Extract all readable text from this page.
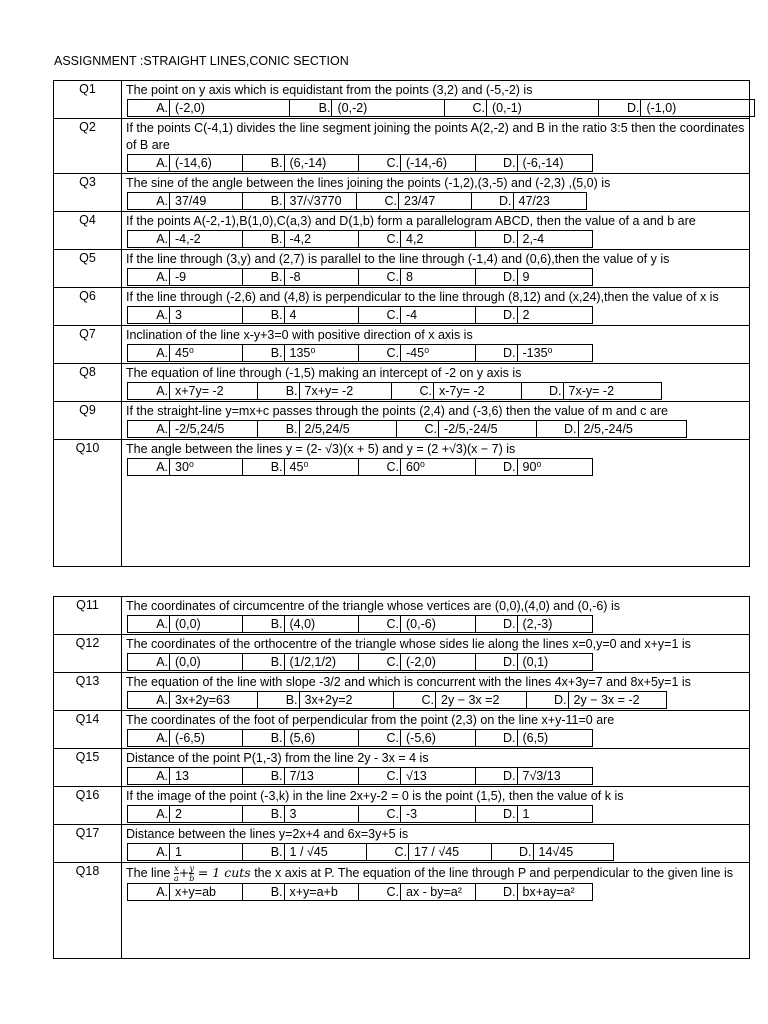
ASSIGNMENT :STRAIGHT LINES,CONIC SECTION
Q1	The point on y axis which is equidistant from the points (3,2) and (-5,-2) is
A. (-2,0)	B. (0,-2)	C. (0,-1)	D. (-1,0)
Q2	If the points C(-4,1) divides the line segment joining the points A(2,-2) and B in the ratio 3:5 then the coordinates of B are
A. (-14,6)	B. (6,-14)	C. (-14,-6)	D. (-6,-14)
Q3	The sine of the angle between the lines joining the points (-1,2),(3,-5) and (-2,3) ,(5,0) is
A. 37/49	B. 37/√3770	C. 23/47	D. 47/23
Q4	If the points A(-2,-1),B(1,0),C(a,3) and D(1,b) form a parallelogram ABCD, then the value of a and b are
A. -4,-2	B. -4,2	C. 4,2	D. 2,-4
Q5	If the line through (3,y) and (2,7) is parallel to the line through (-1,4) and (0,6),then the value of y is
A. -9	B. -8	C. 8	D. 9
Q6	If the line through (-2,6) and (4,8) is perpendicular to the line through (8,12) and (x,24),then the value of x is
A. 3	B. 4	C. -4	D. 2
Q7	Inclination of the line x-y+3=0 with positive direction of x axis is
A. 45⁰	B. 135⁰	C. -45⁰	D. -135⁰
Q8	The equation of line through (-1,5) making an intercept of -2 on y axis is
A. x+7y= -2	B. 7x+y= -2	C. x-7y= -2	D. 7x-y= -2
Q9	If the straight-line y=mx+c passes through the points (2,4) and (-3,6) then the value of m and c are
A. -2/5,24/5	B. 2/5,24/5	C. -2/5,-24/5	D. 2/5,-24/5
Q10	The angle between the lines y = (2- √3)(x + 5) and y = (2 +√3)(x − 7) is
A. 30⁰	B. 45⁰	C. 60⁰	D. 90⁰
Q11	The coordinates of circumcentre of the triangle whose vertices are (0,0),(4,0) and (0,-6) is
A. (0,0)	B. (4,0)	C. (0,-6)	D. (2,-3)
Q12	The coordinates of the orthocentre of the triangle whose sides lie along the lines x=0,y=0 and x+y=1 is
A. (0,0)	B. (1/2,1/2)	C. (-2,0)	D. (0,1)
Q13	The equation of the line with slope -3/2 and which is concurrent with the lines 4x+3y=7 and 8x+5y=1 is
A. 3x+2y=63	B. 3x+2y=2	C. 2y − 3x =2	D. 2y − 3x = -2
Q14	The coordinates of the foot of perpendicular from the point (2,3) on the line x+y-11=0 are
A. (-6,5)	B. (5,6)	C. (-5,6)	D. (6,5)
Q15	Distance of the point P(1,-3) from the line 2y - 3x = 4 is
A. 13	B. 7/13	C. √13	D. 7√3/13
Q16	If the image of the point (-3,k) in the line 2x+y-2 = 0 is the point (1,5), then the value of k is
A. 2	B. 3	C. -3	D. 1
Q17	Distance between the lines y=2x+4 and 6x=3y+5 is
A. 1	B. 1 / √45	C. 17 / √45	D. 14√45
Q18	The line $\frac{x}{a} + \frac{y}{b} = 1$ cuts the x axis at P. The equation of the line through P and perpendicular to the given line is
A. x+y=ab	B. x+y=a+b	C. ax - by=a²	D. bx+ay=a²
